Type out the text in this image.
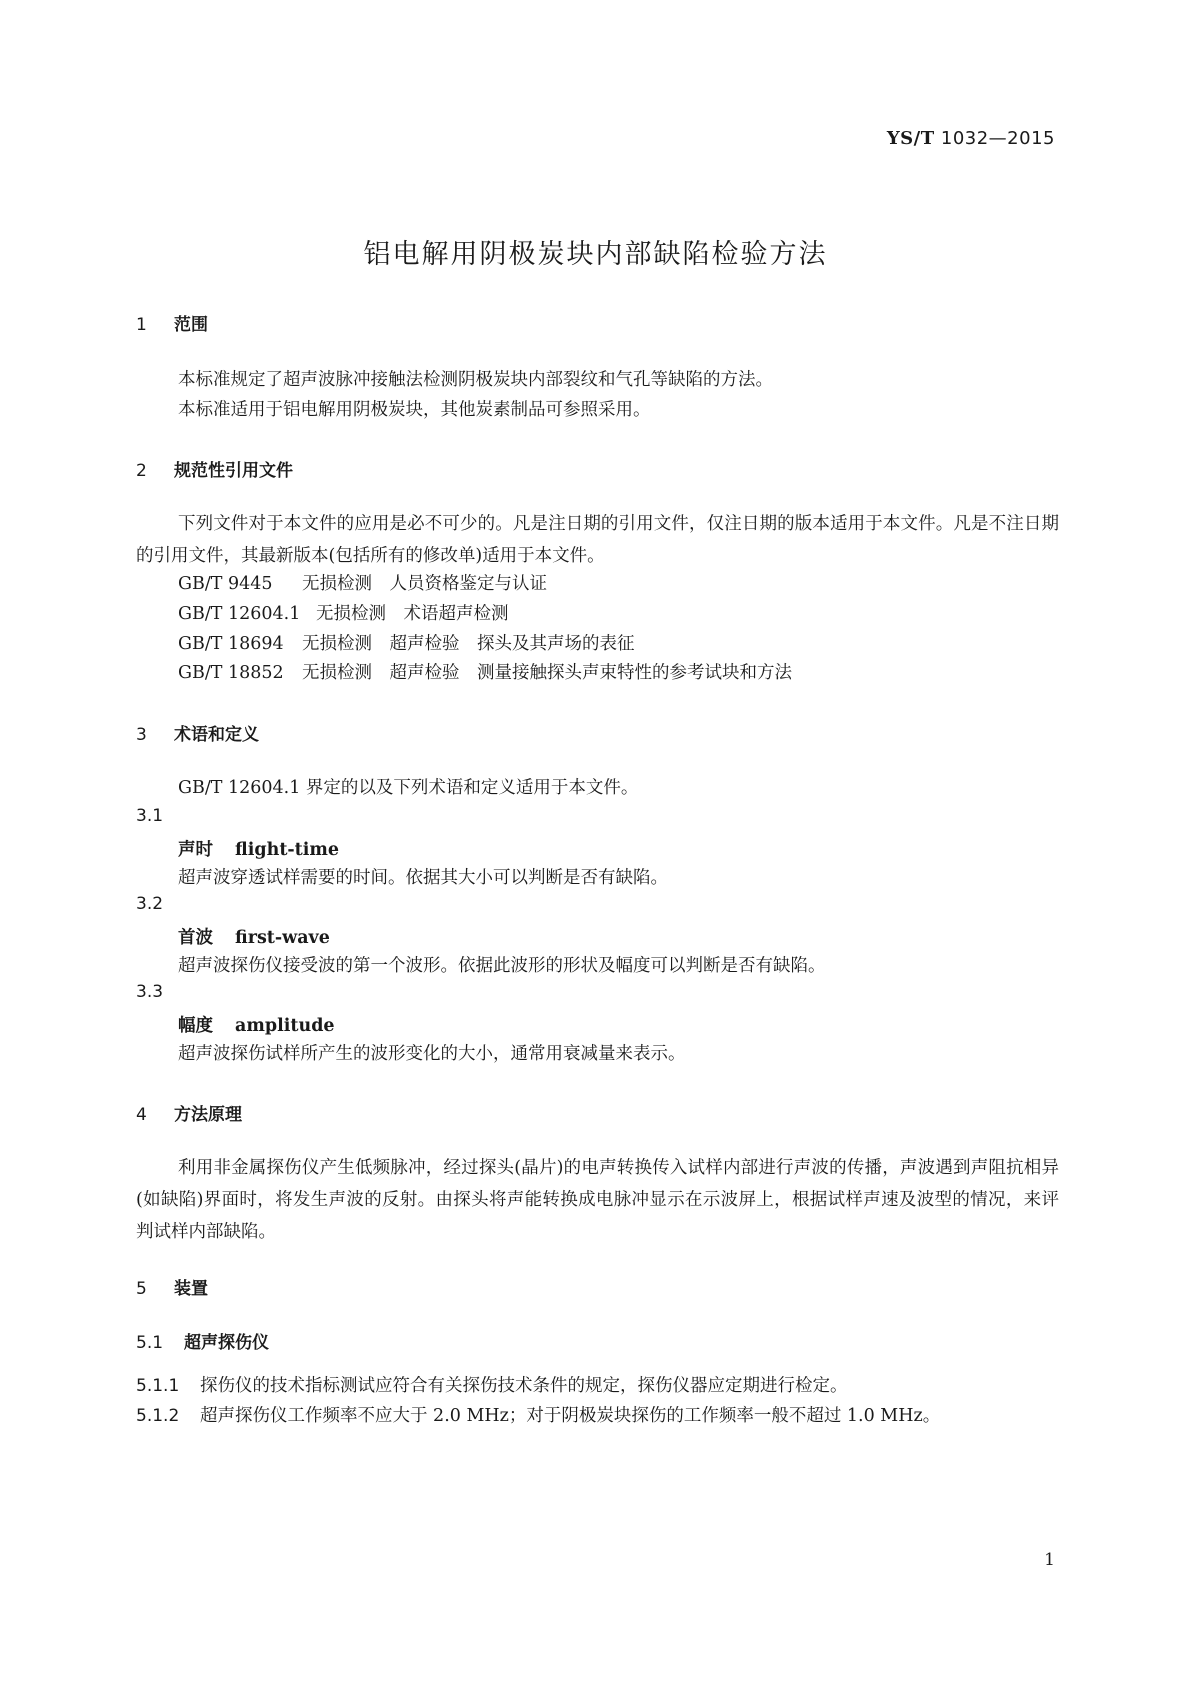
YS/T 1032—2015
铝电解用阴极炭块内部缺陷检验方法
1 范围
本标准规定了超声波脉冲接触法检测阴极炭块内部裂纹和气孔等缺陷的方法。
本标准适用于铝电解用阴极炭块，其他炭素制品可参照采用。
2 规范性引用文件
下列文件对于本文件的应用是必不可少的。凡是注日期的引用文件，仅注日期的版本适用于本文件。凡是不注日期的引用文件，其最新版本(包括所有的修改单)适用于本文件。
GB/T 9445 无损检测　人员资格鉴定与认证
GB/T 12604.1 无损检测　术语超声检测
GB/T 18694 无损检测　超声检验　探头及其声场的表征
GB/T 18852 无损检测　超声检验　测量接触探头声束特性的参考试块和方法
3 术语和定义
GB/T 12604.1 界定的以及下列术语和定义适用于本文件。
3.1
声时 flight-time
超声波穿透试样需要的时间。依据其大小可以判断是否有缺陷。
3.2
首波 first-wave
超声波探伤仪接受波的第一个波形。依据此波形的形状及幅度可以判断是否有缺陷。
3.3
幅度 amplitude
超声波探伤试样所产生的波形变化的大小，通常用衰减量来表示。
4 方法原理
利用非金属探伤仪产生低频脉冲，经过探头(晶片)的电声转换传入试样内部进行声波的传播，声波遇到声阻抗相异(如缺陷)界面时，将发生声波的反射。由探头将声能转换成电脉冲显示在示波屏上，根据试样声速及波型的情况，来评判试样内部缺陷。
5 装置
5.1 超声探伤仪
5.1.1 探伤仪的技术指标测试应符合有关探伤技术条件的规定，探伤仪器应定期进行检定。
5.1.2 超声探伤仪工作频率不应大于 2.0 MHz；对于阴极炭块探伤的工作频率一般不超过 1.0 MHz。
1
